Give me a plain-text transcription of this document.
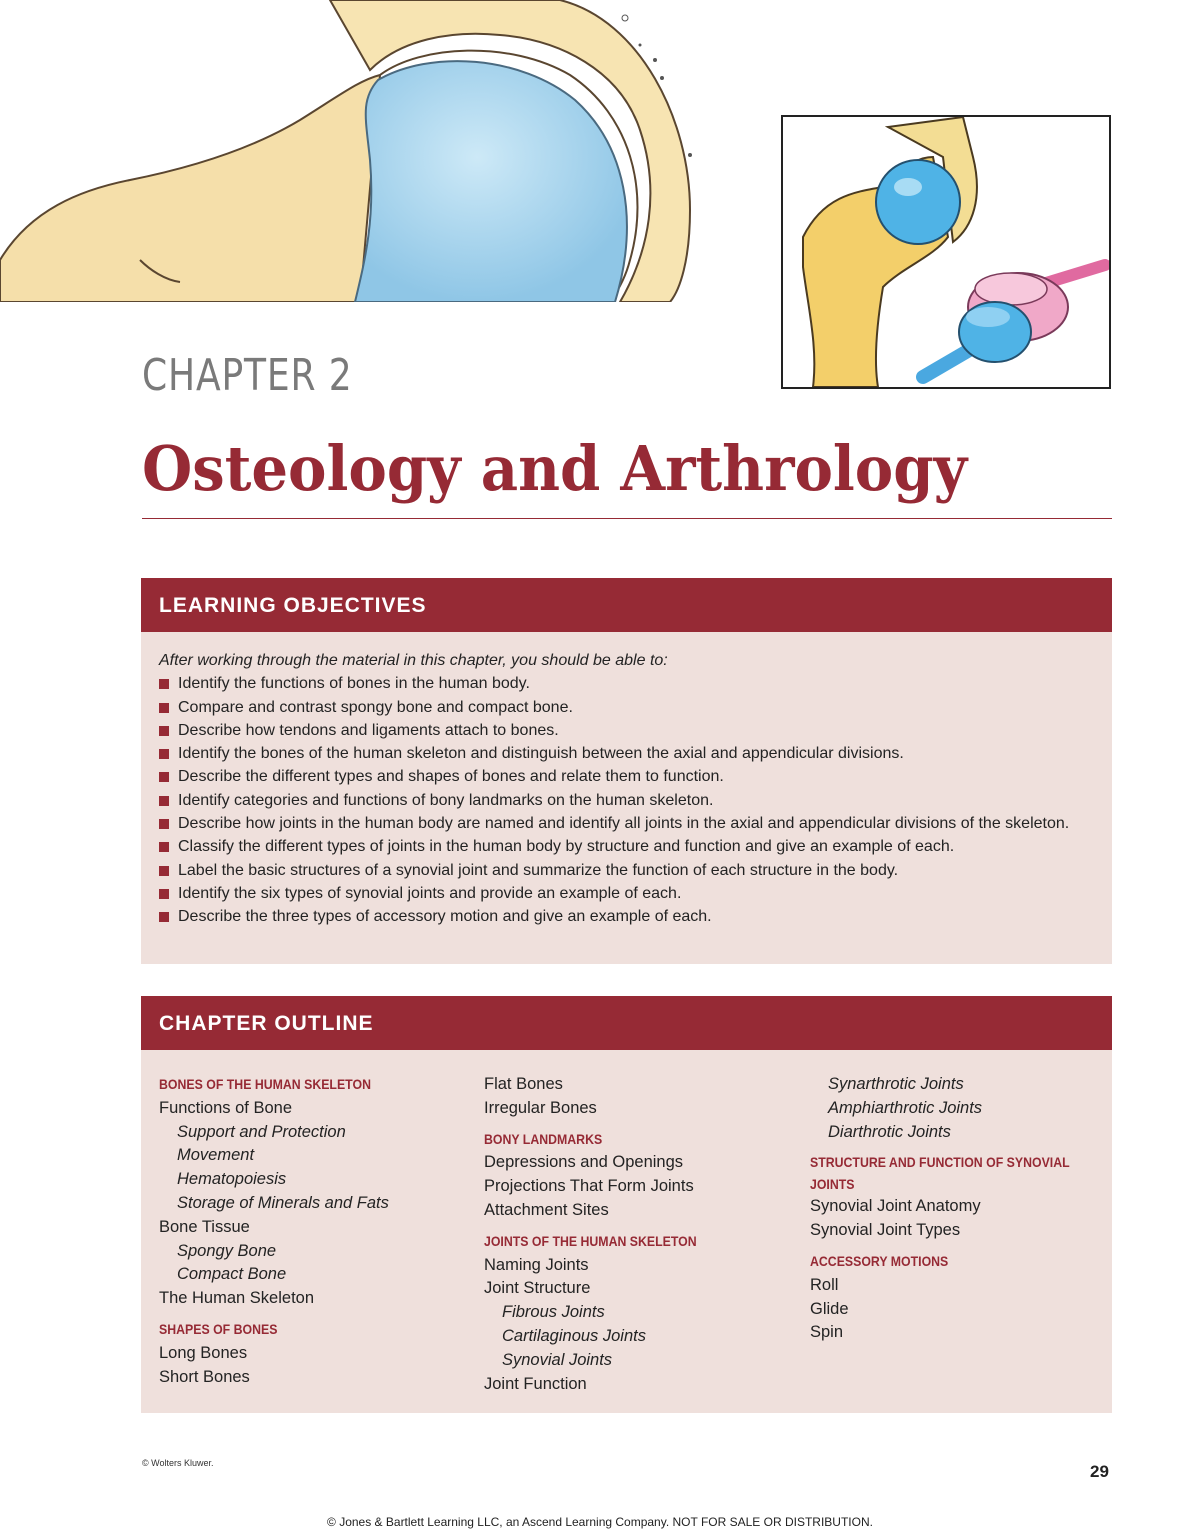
CHAPTER 2
Osteology and Arthrology
LEARNING OBJECTIVES
After working through the material in this chapter, you should be able to:
Identify the functions of bones in the human body.
Compare and contrast spongy bone and compact bone.
Describe how tendons and ligaments attach to bones.
Identify the bones of the human skeleton and distinguish between the axial and appendicular divisions.
Describe the different types and shapes of bones and relate them to function.
Identify categories and functions of bony landmarks on the human skeleton.
Describe how joints in the human body are named and identify all joints in the axial and appendicular divisions of the skeleton.
Classify the different types of joints in the human body by structure and function and give an example of each.
Label the basic structures of a synovial joint and summarize the function of each structure in the body.
Identify the six types of synovial joints and provide an example of each.
Describe the three types of accessory motion and give an example of each.
CHAPTER OUTLINE
BONES OF THE HUMAN SKELETON
Functions of Bone
Support and Protection
Movement
Hematopoiesis
Storage of Minerals and Fats
Bone Tissue
Spongy Bone
Compact Bone
The Human Skeleton
SHAPES OF BONES
Long Bones
Short Bones
Flat Bones
Irregular Bones
BONY LANDMARKS
Depressions and Openings
Projections That Form Joints
Attachment Sites
JOINTS OF THE HUMAN SKELETON
Naming Joints
Joint Structure
Fibrous Joints
Cartilaginous Joints
Synovial Joints
Joint Function
Synarthrotic Joints
Amphiarthrotic Joints
Diarthrotic Joints
STRUCTURE AND FUNCTION OF SYNOVIAL JOINTS
Synovial Joint Anatomy
Synovial Joint Types
ACCESSORY MOTIONS
Roll
Glide
Spin
© Wolters Kluwer.	29
© Jones & Bartlett Learning LLC, an Ascend Learning Company. NOT FOR SALE OR DISTRIBUTION.
